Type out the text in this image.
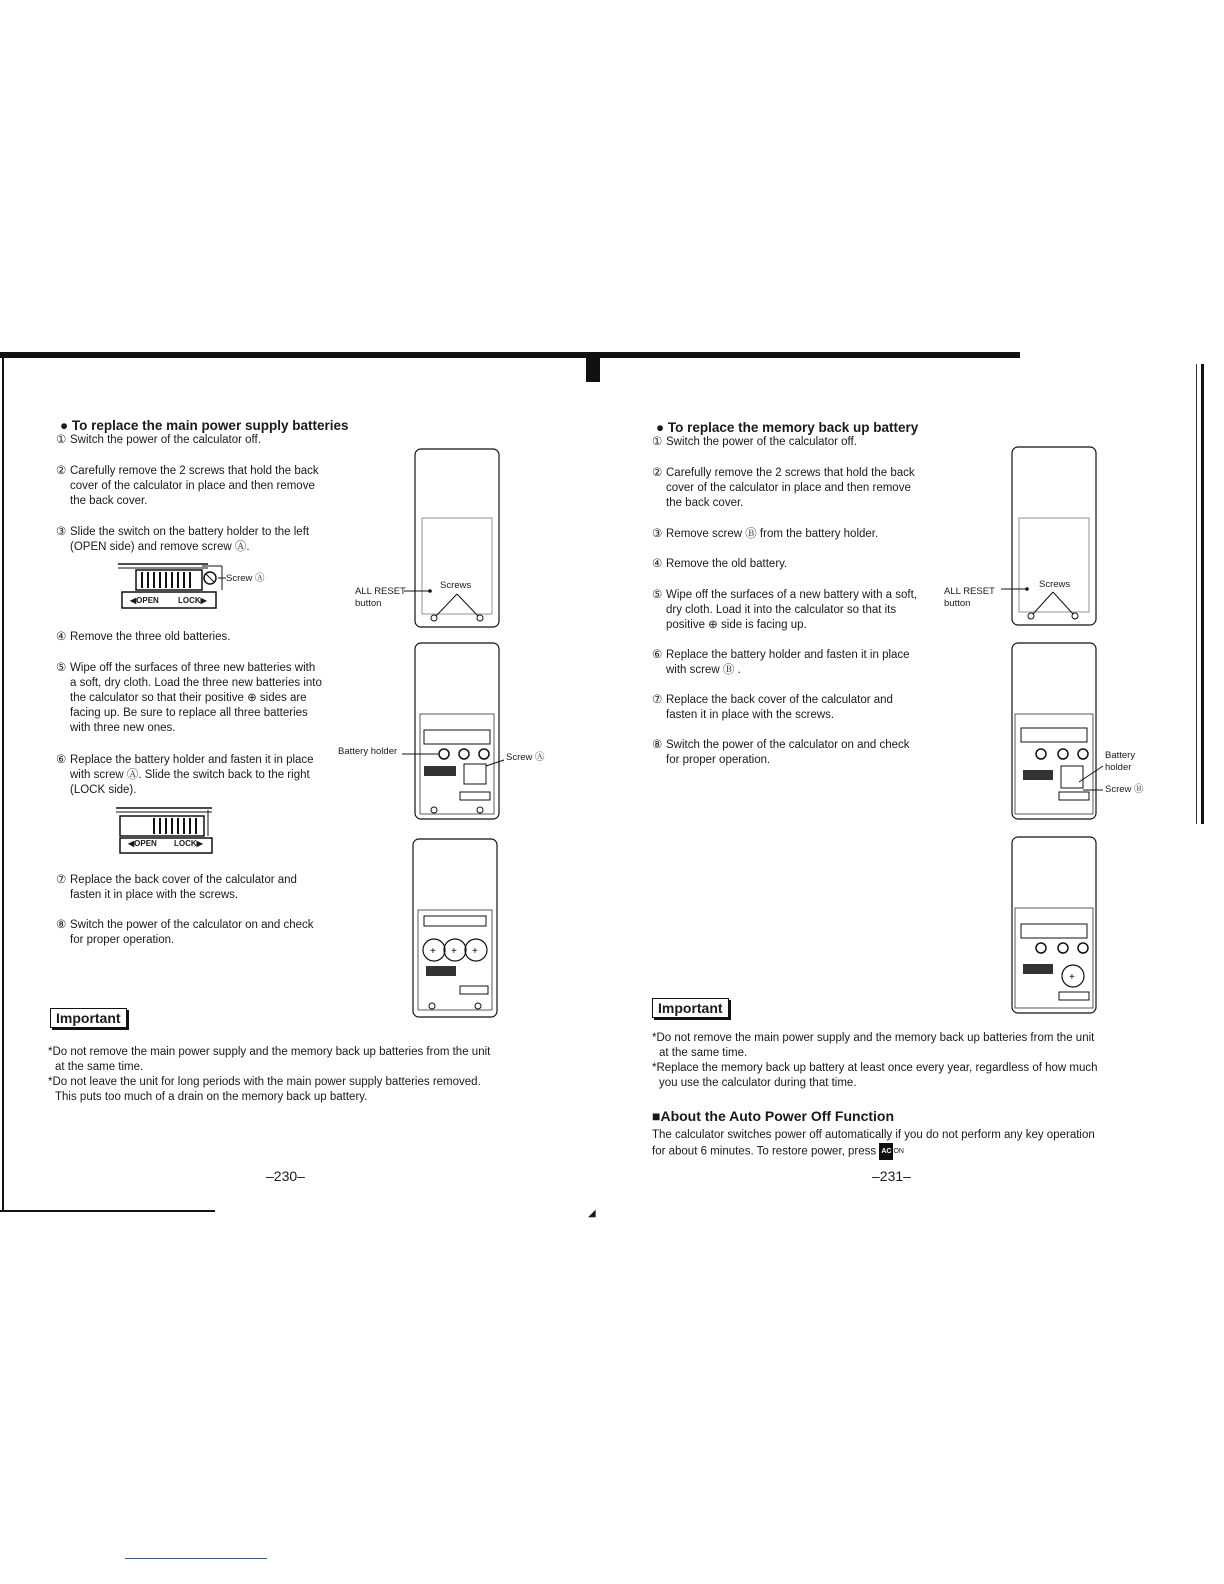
◢
● To replace the main power supply batteries
① Switch the power of the calculator off.
② Carefully remove the 2 screws that hold the back
cover of the calculator in place and then remove
the back cover.
③ Slide the switch on the battery holder to the left
(OPEN side) and remove screw Ⓐ.
④ Remove the three old batteries.
⑤ Wipe off the surfaces of three new batteries with
a soft, dry cloth. Load the three new batteries into
the calculator so that their positive ⊕ sides are
facing up. Be sure to replace all three batteries
with three new ones.
⑥ Replace the battery holder and fasten it in place
with screw Ⓐ. Slide the switch back to the right
(LOCK side).
⑦ Replace the back cover of the calculator and
fasten it in place with the screws.
⑧ Switch the power of the calculator on and check
for proper operation.
◀OPEN LOCK▶
Screw Ⓐ
◀OPEN LOCK▶
Screws
ALL RESET
button
Battery holder
Screw Ⓐ
+ + +
Important
*Do not remove the main power supply and the memory back up batteries from the unit
at the same time.
*Do not leave the unit for long periods with the main power supply batteries removed.
This puts too much of a drain on the memory back up battery.
–230–
● To replace the memory back up battery
① Switch the power of the calculator off.
② Carefully remove the 2 screws that hold the back
cover of the calculator in place and then remove
the back cover.
③ Remove screw Ⓑ from the battery holder.
④ Remove the old battery.
⑤ Wipe off the surfaces of a new battery with a soft,
dry cloth. Load it into the calculator so that its
positive ⊕ side is facing up.
⑥ Replace the battery holder and fasten it in place
with screw Ⓑ .
⑦ Replace the back cover of the calculator and
fasten it in place with the screws.
⑧ Switch the power of the calculator on and check
for proper operation.
Screws
ALL RESET
button
Battery
holder
Screw Ⓑ
+
Important
*Do not remove the main power supply and the memory back up batteries from the unit
at the same time.
*Replace the memory back up battery at least once every year, regardless of how much
you use the calculator during that time.
■About the Auto Power Off Function
The calculator switches power off automatically if you do not perform any key operation
for about 6 minutes. To restore power, press AC ON
–231–
